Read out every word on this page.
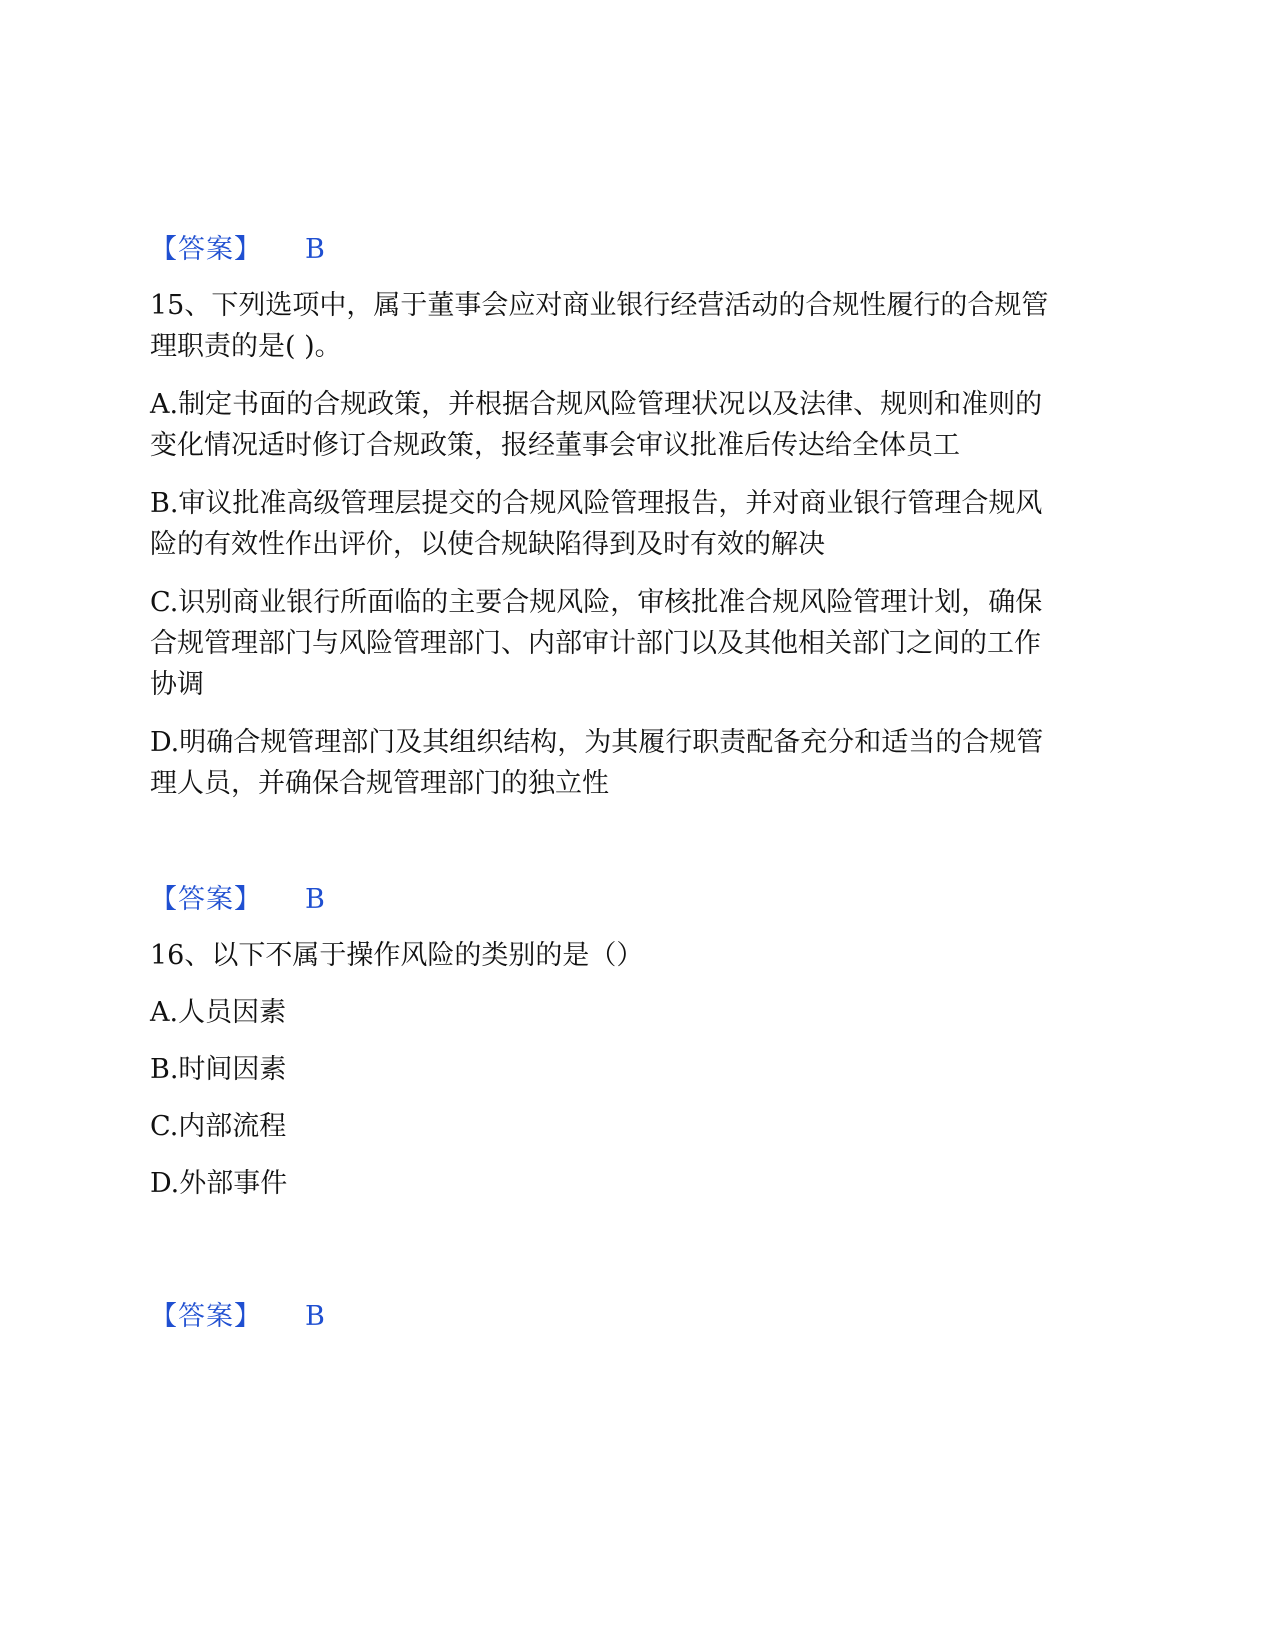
【答案】 B
15、下列选项中，属于董事会应对商业银行经营活动的合规性履行的合规管
理职责的是( )。
A.制定书面的合规政策，并根据合规风险管理状况以及法律、规则和准则的
变化情况适时修订合规政策，报经董事会审议批准后传达给全体员工
B.审议批准高级管理层提交的合规风险管理报告，并对商业银行管理合规风
险的有效性作出评价，以使合规缺陷得到及时有效的解决
C.识别商业银行所面临的主要合规风险，审核批准合规风险管理计划，确保
合规管理部门与风险管理部门、内部审计部门以及其他相关部门之间的工作
协调
D.明确合规管理部门及其组织结构，为其履行职责配备充分和适当的合规管
理人员，并确保合规管理部门的独立性
【答案】 B
16、以下不属于操作风险的类别的是（）
A.人员因素
B.时间因素
C.内部流程
D.外部事件
【答案】 B
